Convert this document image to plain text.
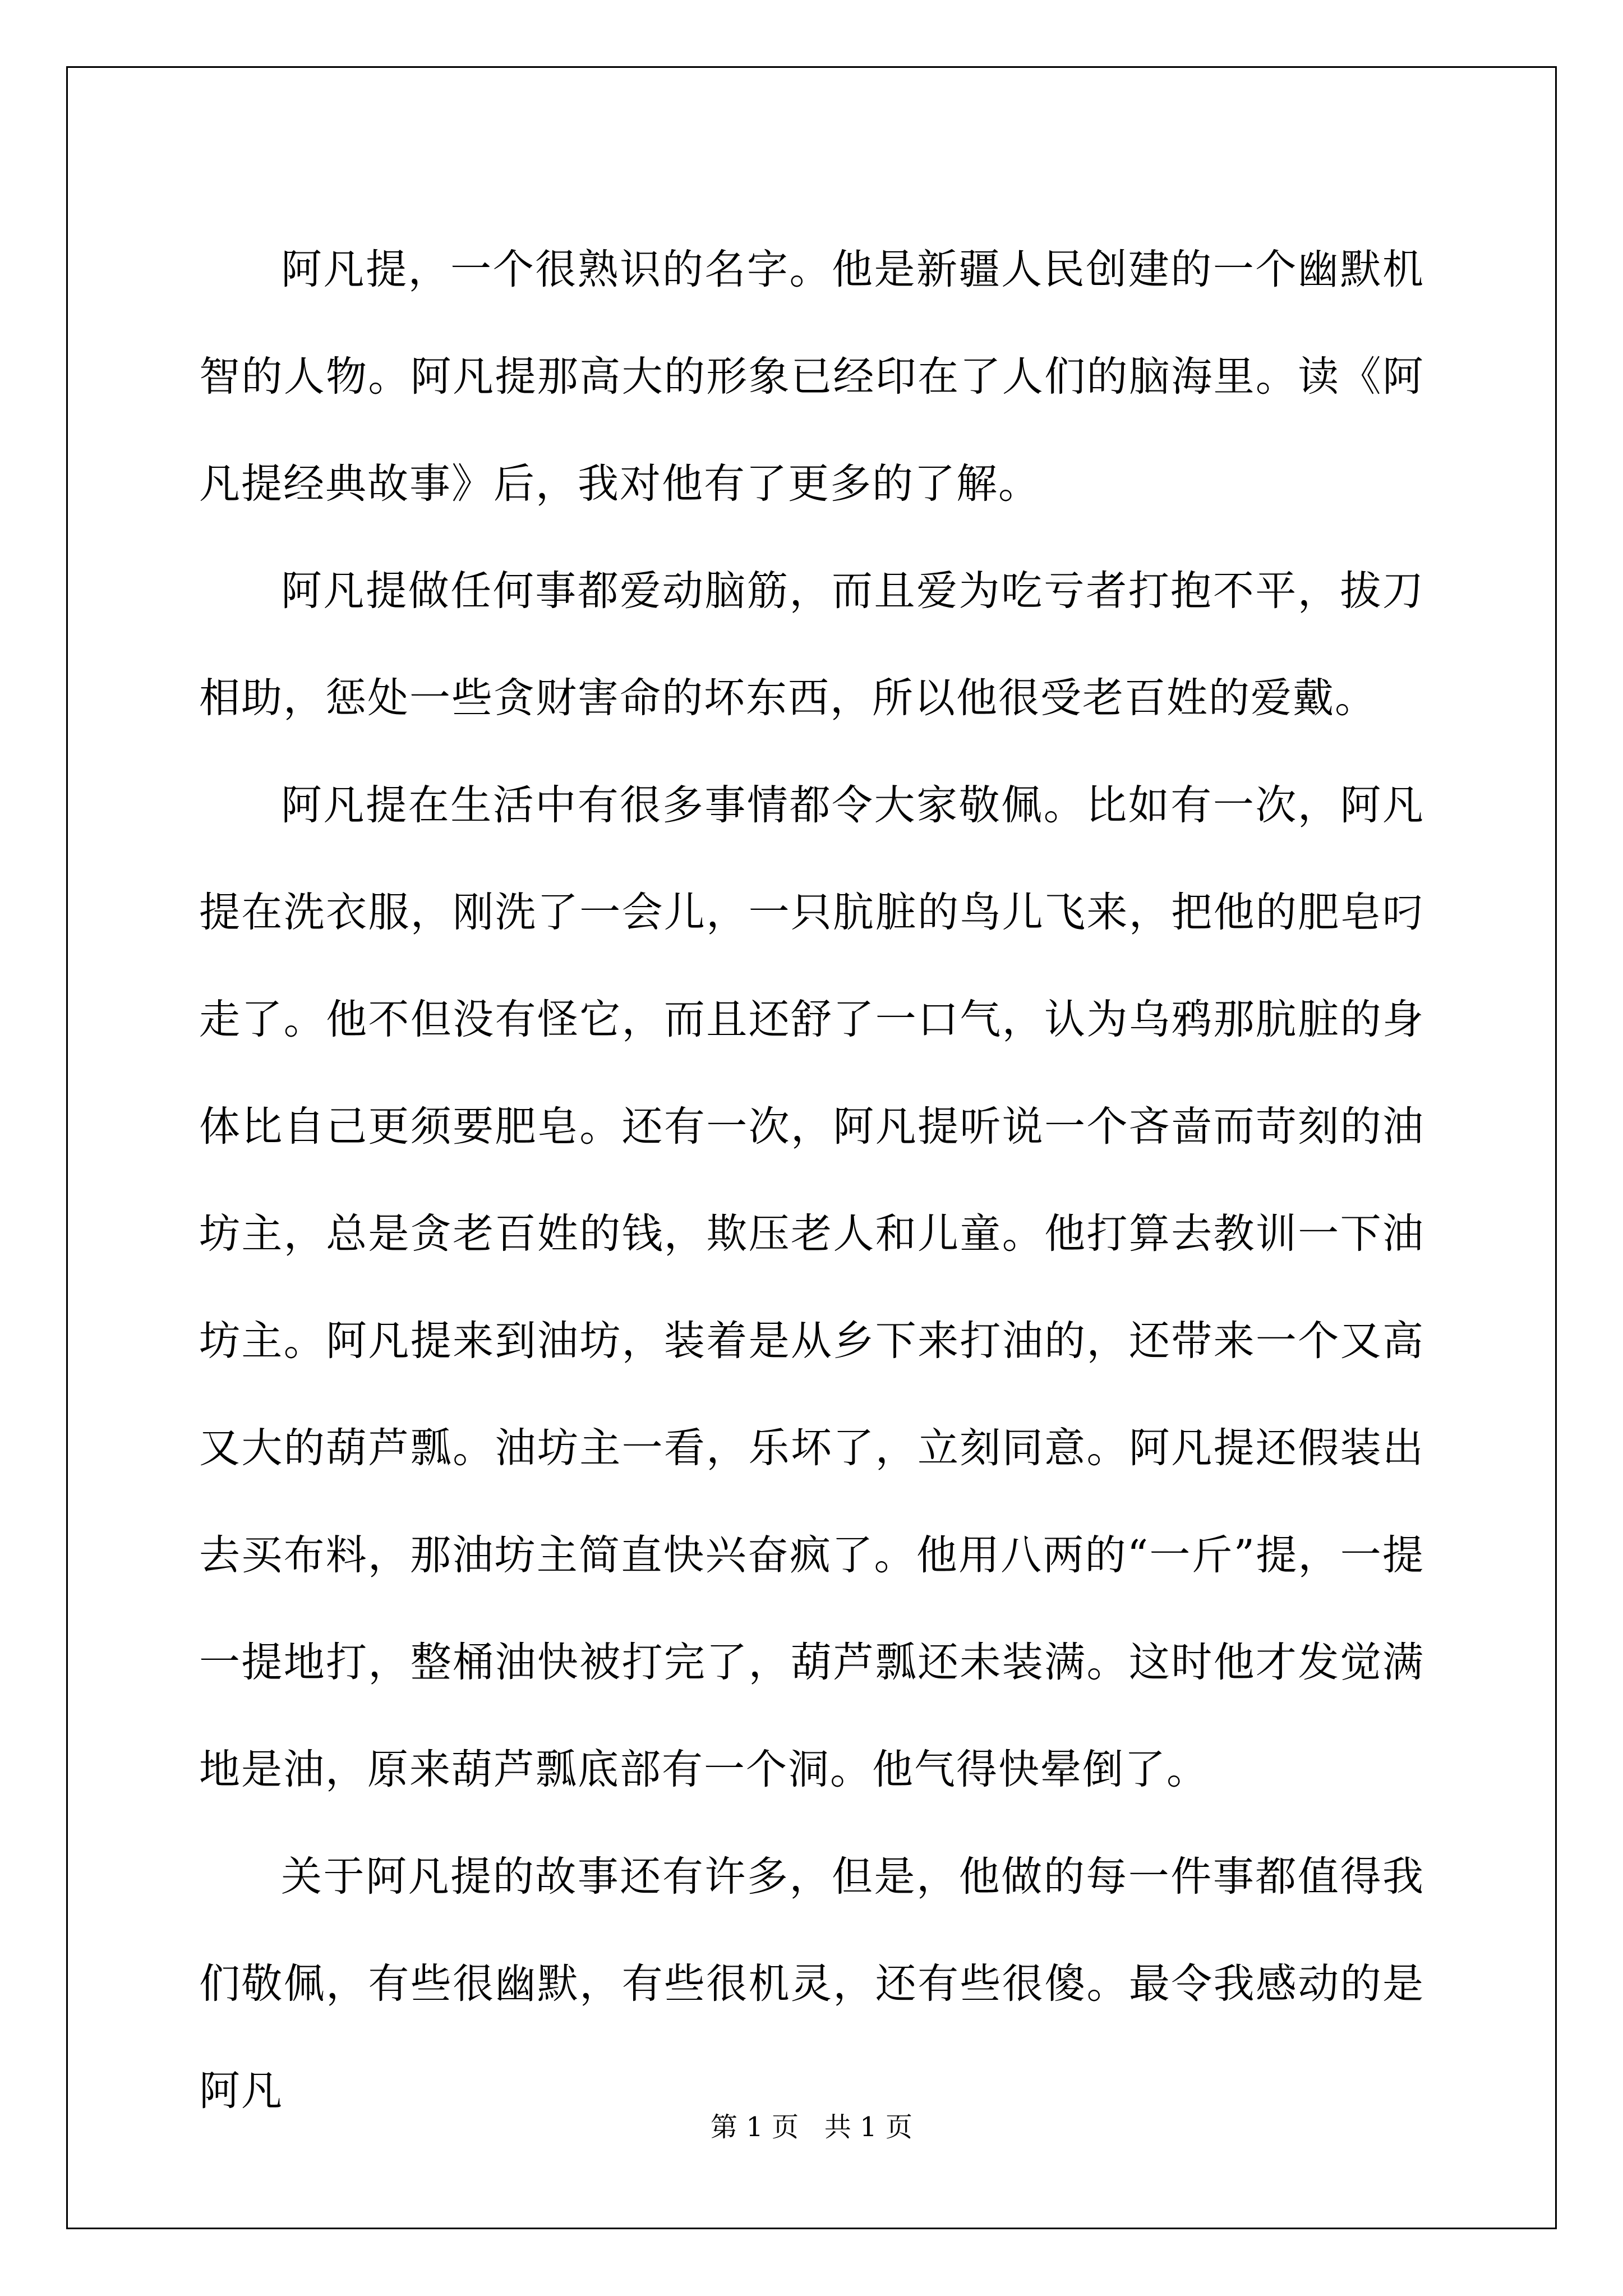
阿凡提，一个很熟识的名字。他是新疆人民创建的一个幽默机智的人物。阿凡提那高大的形象已经印在了人们的脑海里。读《阿凡提经典故事》后，我对他有了更多的了解。

阿凡提做任何事都爱动脑筋，而且爱为吃亏者打抱不平，拔刀相助，惩处一些贪财害命的坏东西，所以他很受老百姓的爱戴。

阿凡提在生活中有很多事情都令大家敬佩。比如有一次，阿凡提在洗衣服，刚洗了一会儿，一只肮脏的鸟儿飞来，把他的肥皂叼走了。他不但没有怪它，而且还舒了一口气，认为乌鸦那肮脏的身体比自己更须要肥皂。还有一次，阿凡提听说一个吝啬而苛刻的油坊主，总是贪老百姓的钱，欺压老人和儿童。他打算去教训一下油坊主。阿凡提来到油坊，装着是从乡下来打油的，还带来一个又高又大的葫芦瓢。油坊主一看，乐坏了，立刻同意。阿凡提还假装出去买布料，那油坊主简直快兴奋疯了。他用八两的“一斤”提，一提一提地打，整桶油快被打完了，葫芦瓢还未装满。这时他才发觉满地是油，原来葫芦瓢底部有一个洞。他气得快晕倒了。

关于阿凡提的故事还有许多，但是，他做的每一件事都值得我们敬佩，有些很幽默，有些很机灵，还有些很傻。最令我感动的是阿凡

第 1 页 共 1 页
